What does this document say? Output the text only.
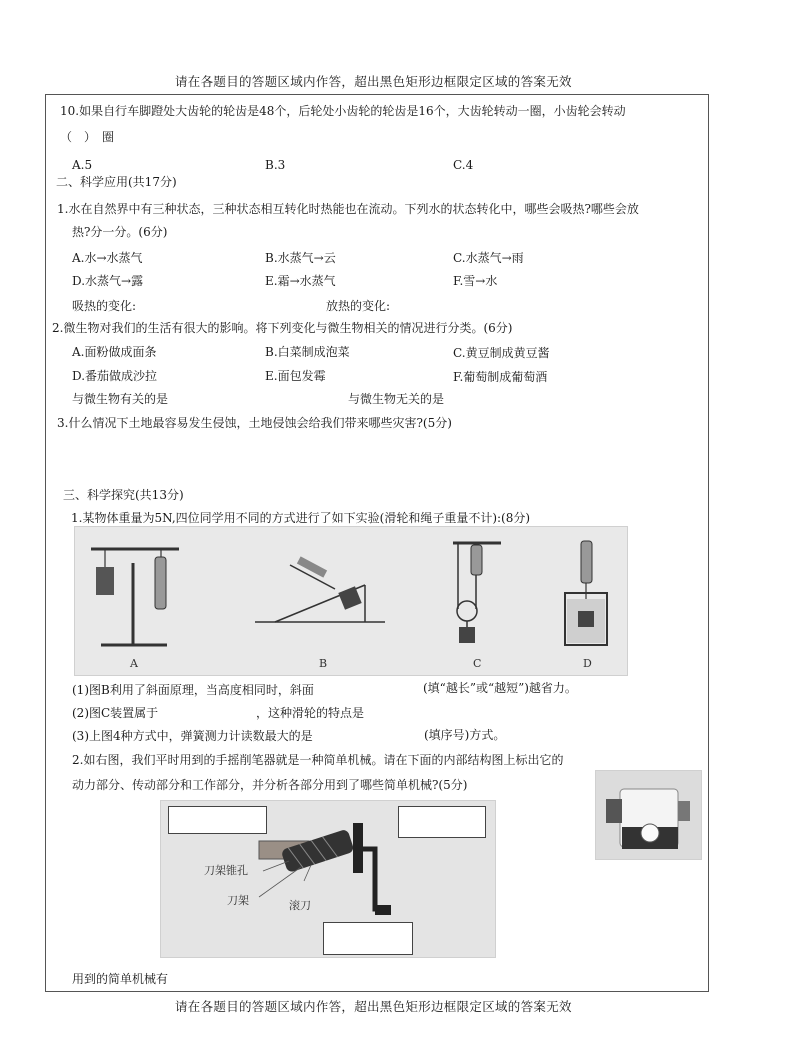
请在各题目的答题区域内作答，超出黑色矩形边框限定区域的答案无效
10.如果自行车脚蹬处大齿轮的轮齿是48个，后轮处小齿轮的轮齿是16个，大齿轮转动一圈，小齿轮会转动
（　）　圈
A.5	B.3	C.4
二、科学应用(共17分)
1.水在自然界中有三种状态，三种状态相互转化时热能也在流动。下列水的状态转化中，哪些会吸热?哪些会放
热?分一分。(6分)
A.水→水蒸气	B.水蒸气→云	C.水蒸气→雨
D.水蒸气→露	E.霜→水蒸气	F.雪→水
吸热的变化:	放热的变化:
2.微生物对我们的生活有很大的影响。将下列变化与微生物相关的情况进行分类。(6分)
A.面粉做成面条	B.白菜制成泡菜	C.黄豆制成黄豆酱
D.番茄做成沙拉	E.面包发霉	F.葡萄制成葡萄酒
与微生物有关的是	与微生物无关的是
3.什么情况下土地最容易发生侵蚀，土地侵蚀会给我们带来哪些灾害?(5分)
三、科学探究(共13分)
1.某物体重量为5N,四位同学用不同的方式进行了如下实验(滑轮和绳子重量不计):(8分)
A	B	C	D
(1)图B利用了斜面原理，当高度相同时，斜面	(填“越长”或“越短”)越省力。
(2)图C装置属于	，这种滑轮的特点是
(3)上图4种方式中，弹簧测力计读数最大的是	(填序号)方式。
2.如右图，我们平时用到的手摇削笔器就是一种简单机械。请在下面的内部结构图上标出它的
动力部分、传动部分和工作部分，并分析各部分用到了哪些简单机械?(5分)
刀架锥孔
刀架	滚刀
用到的简单机械有
请在各题目的答题区域内作答，超出黑色矩形边框限定区域的答案无效
